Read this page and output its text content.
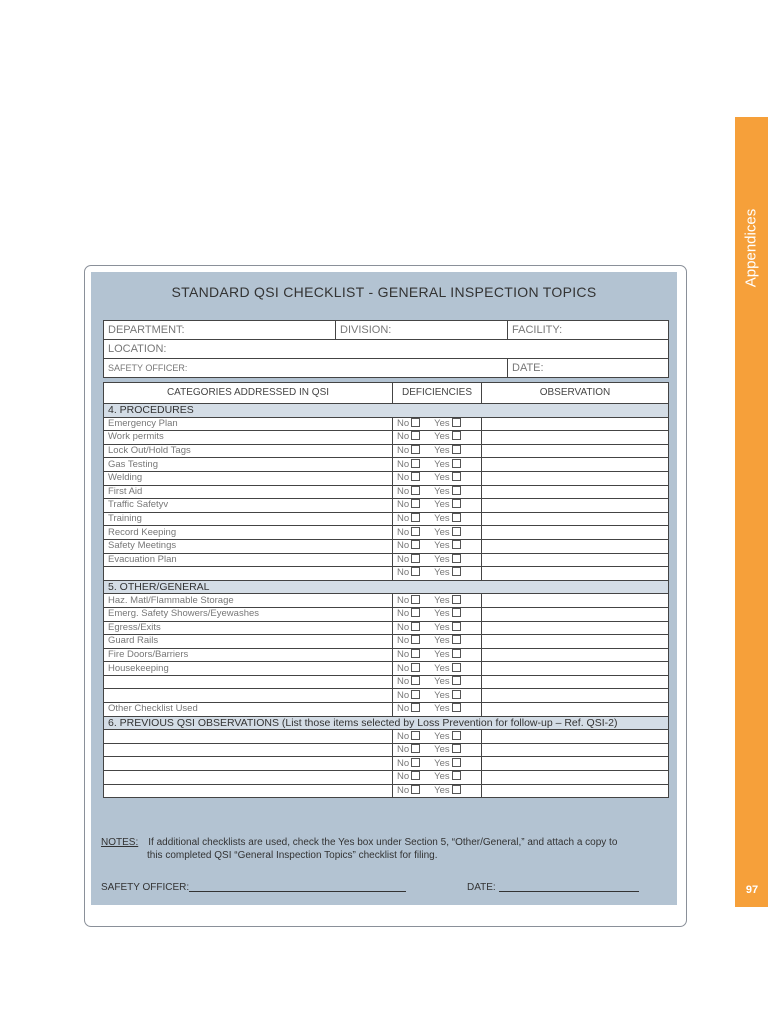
Appendices
97
STANDARD QSI CHECKLIST - GENERAL INSPECTION TOPICS
DEPARTMENT:	DIVISION:	FACILITY:
LOCATION:		
SAFETY OFFICER:		DATE:
CATEGORIES ADDRESSED IN QSI	DEFICIENCIES	OBSERVATION
4. PROCEDURES		
Emergency Plan	No Yes	
Work permits	No Yes	
Lock Out/Hold Tags	No Yes	
Gas Testing	No Yes	
Welding	No Yes	
First Aid	No Yes	
Traffic Safetyv	No Yes	
Training	No Yes	
Record Keeping	No Yes	
Safety Meetings	No Yes	
Evacuation Plan	No Yes	
	No Yes	
5. OTHER/GENERAL		
Haz. Matl/Flammable Storage	No Yes	
Emerg. Safety Showers/Eyewashes	No Yes	
Egress/Exits	No Yes	
Guard Rails	No Yes	
Fire Doors/Barriers	No Yes	
Housekeeping	No Yes	
	No Yes	
	No Yes	
Other Checklist Used	No Yes	
6. PREVIOUS QSI OBSERVATIONS (List those items selected by Loss Prevention for follow-up – Ref. QSI-2)		
	No Yes	
	No Yes	
	No Yes	
	No Yes	
	No Yes	
NOTES: If additional checklists are used, check the Yes box under Section 5, “Other/General,” and attach a copy to
this completed QSI “General Inspection Topics” checklist for filing.
SAFETY OFFICER:	DATE:
